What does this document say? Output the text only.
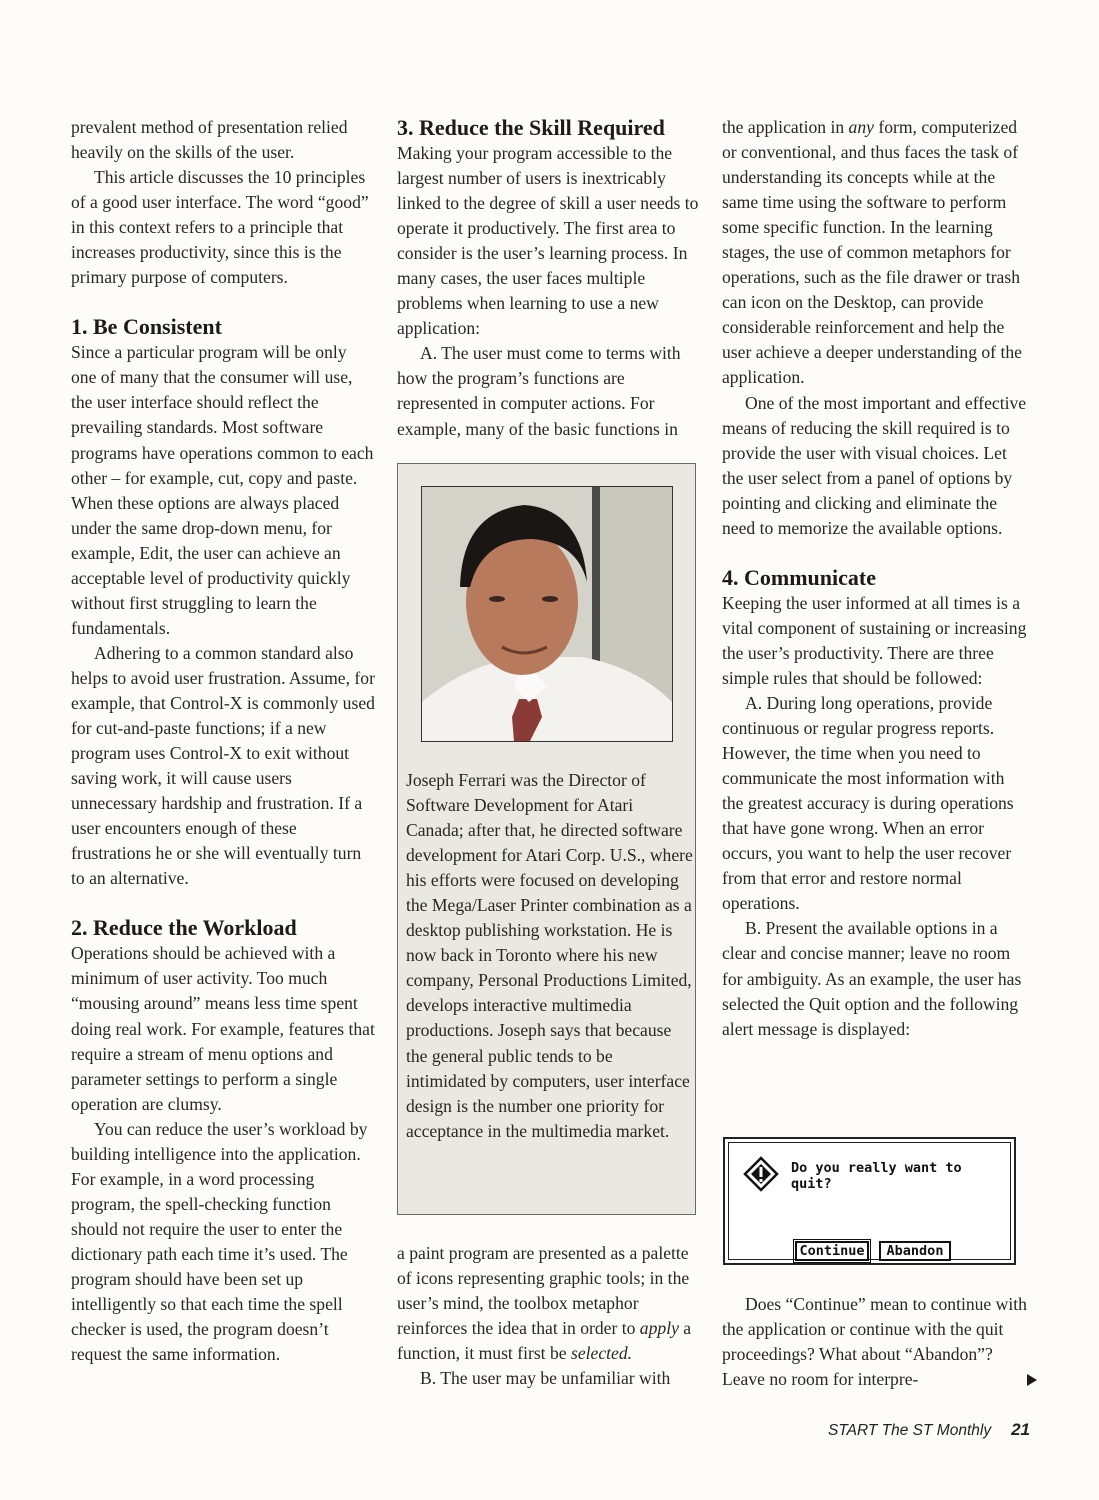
prevalent method of presentation relied heavily on the skills of the user.

This article discusses the 10 principles of a good user interface. The word “good” in this context refers to a principle that increases productivity, since this is the primary purpose of computers.

1. Be Consistent

Since a particular program will be only one of many that the consumer will use, the user interface should reflect the prevailing standards. Most software programs have operations common to each other – for example, cut, copy and paste. When these options are always placed under the same drop-down menu, for example, Edit, the user can achieve an acceptable level of productivity quickly without first struggling to learn the fundamentals.

Adhering to a common standard also helps to avoid user frustration. Assume, for example, that Control-X is commonly used for cut-and-paste functions; if a new program uses Control-X to exit without saving work, it will cause users unnecessary hardship and frustration. If a user encounters enough of these frustrations he or she will eventually turn to an alternative.

2. Reduce the Workload

Operations should be achieved with a minimum of user activity. Too much “mousing around” means less time spent doing real work. For example, features that require a stream of menu options and parameter settings to perform a single operation are clumsy.

You can reduce the user’s workload by building intelligence into the application. For example, in a word processing program, the spell-checking function should not require the user to enter the dictionary path each time it’s used. The program should have been set up intelligently so that each time the spell checker is used, the program doesn’t request the same information.

3. Reduce the Skill Required

Making your program accessible to the largest number of users is inextricably linked to the degree of skill a user needs to operate it productively. The first area to consider is the user’s learning process. In many cases, the user faces multiple problems when learning to use a new application:

A. The user must come to terms with how the program’s functions are represented in computer actions. For example, many of the basic functions in

Joseph Ferrari was the Director of Software Development for Atari Canada; after that, he directed software development for Atari Corp. U.S., where his efforts were focused on developing the Mega/Laser Printer combination as a desktop publishing workstation. He is now back in Toronto where his new company, Personal Productions Limited, develops interactive multimedia productions. Joseph says that because the general public tends to be intimidated by computers, user interface design is the number one priority for acceptance in the multimedia market.

a paint program are presented as a palette of icons representing graphic tools; in the user’s mind, the toolbox metaphor reinforces the idea that in order to apply a function, it must first be selected.

B. The user may be unfamiliar with

the application in any form, computerized or conventional, and thus faces the task of understanding its concepts while at the same time using the software to perform some specific function. In the learning stages, the use of common metaphors for operations, such as the file drawer or trash can icon on the Desktop, can provide considerable reinforcement and help the user achieve a deeper understanding of the application.

One of the most important and effective means of reducing the skill required is to provide the user with visual choices. Let the user select from a panel of options by pointing and clicking and eliminate the need to memorize the available options.

4. Communicate

Keeping the user informed at all times is a vital component of sustaining or increasing the user’s productivity. There are three simple rules that should be followed:

A. During long operations, provide continuous or regular progress reports. However, the time when you need to communicate the most information with the greatest accuracy is during operations that have gone wrong. When an error occurs, you want to help the user recover from that error and restore normal operations.

B. Present the available options in a clear and concise manner; leave no room for ambiguity. As an example, the user has selected the Quit option and the following alert message is displayed:

Do you really want to quit?
Continue	Abandon

Does “Continue” mean to continue with the application or continue with the quit proceedings? What about “Abandon”? Leave no room for interpre-

START The ST Monthly 21
